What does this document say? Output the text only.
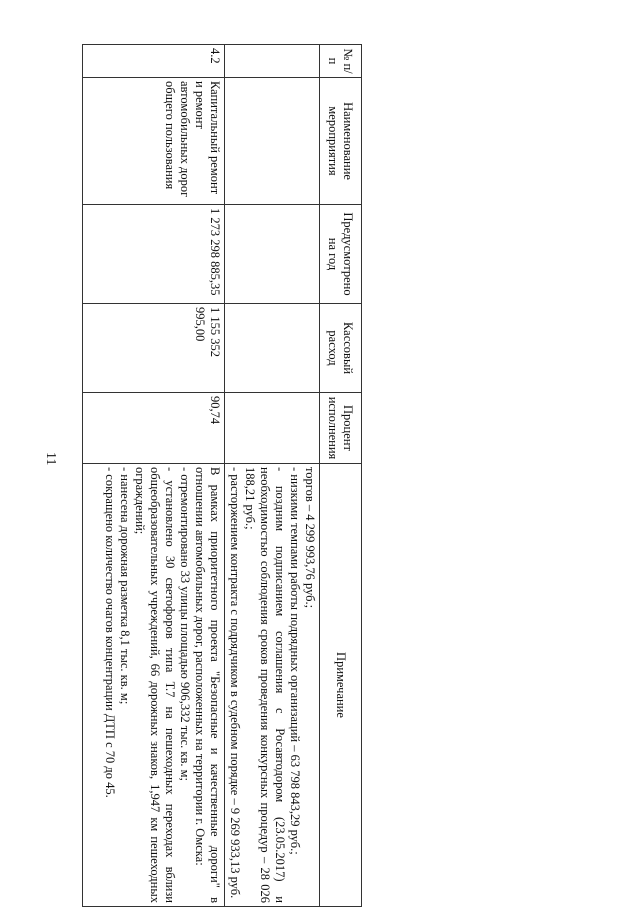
11
№ п/п	Наименование мероприятия	Предусмотрено на год	Кассовый расход	Процент исполнения	Примечание

					торгов – 4 299 993,76 руб.;
- низкими темпами работы подрядных организаций – 63 798 843,29 руб.;
- поздним подписанием соглашения с Росавтодором (23.05.2017) и необходимостью соблюдения сроков проведения конкурсных процедур – 28 026 188,21 руб.;
- расторжением контракта с подрядчиком в судебном порядке – 9 269 933,13 руб.

4.2	Капитальный ремонт и ремонт автомобильных дорог общего пользования	1 273 298 885,35	1 155 352 995,00	90,74	В рамках приоритетного проекта "Безопасные и качественные дороги" в отношении автомобильных дорог, расположенных на территории г. Омска:
- отремонтировано 33 улицы площадью 906,332 тыс. кв. м;
- установлено 30 светофоров типа Т.7 на пешеходных переходах вблизи общеобразовательных учреждений, 66 дорожных знаков, 1,947 км пешеходных ограждений;
- нанесена дорожная разметка 8,1 тыс. кв. м;
- сокращено количество очагов концентрации ДТП с 70 до 45.
